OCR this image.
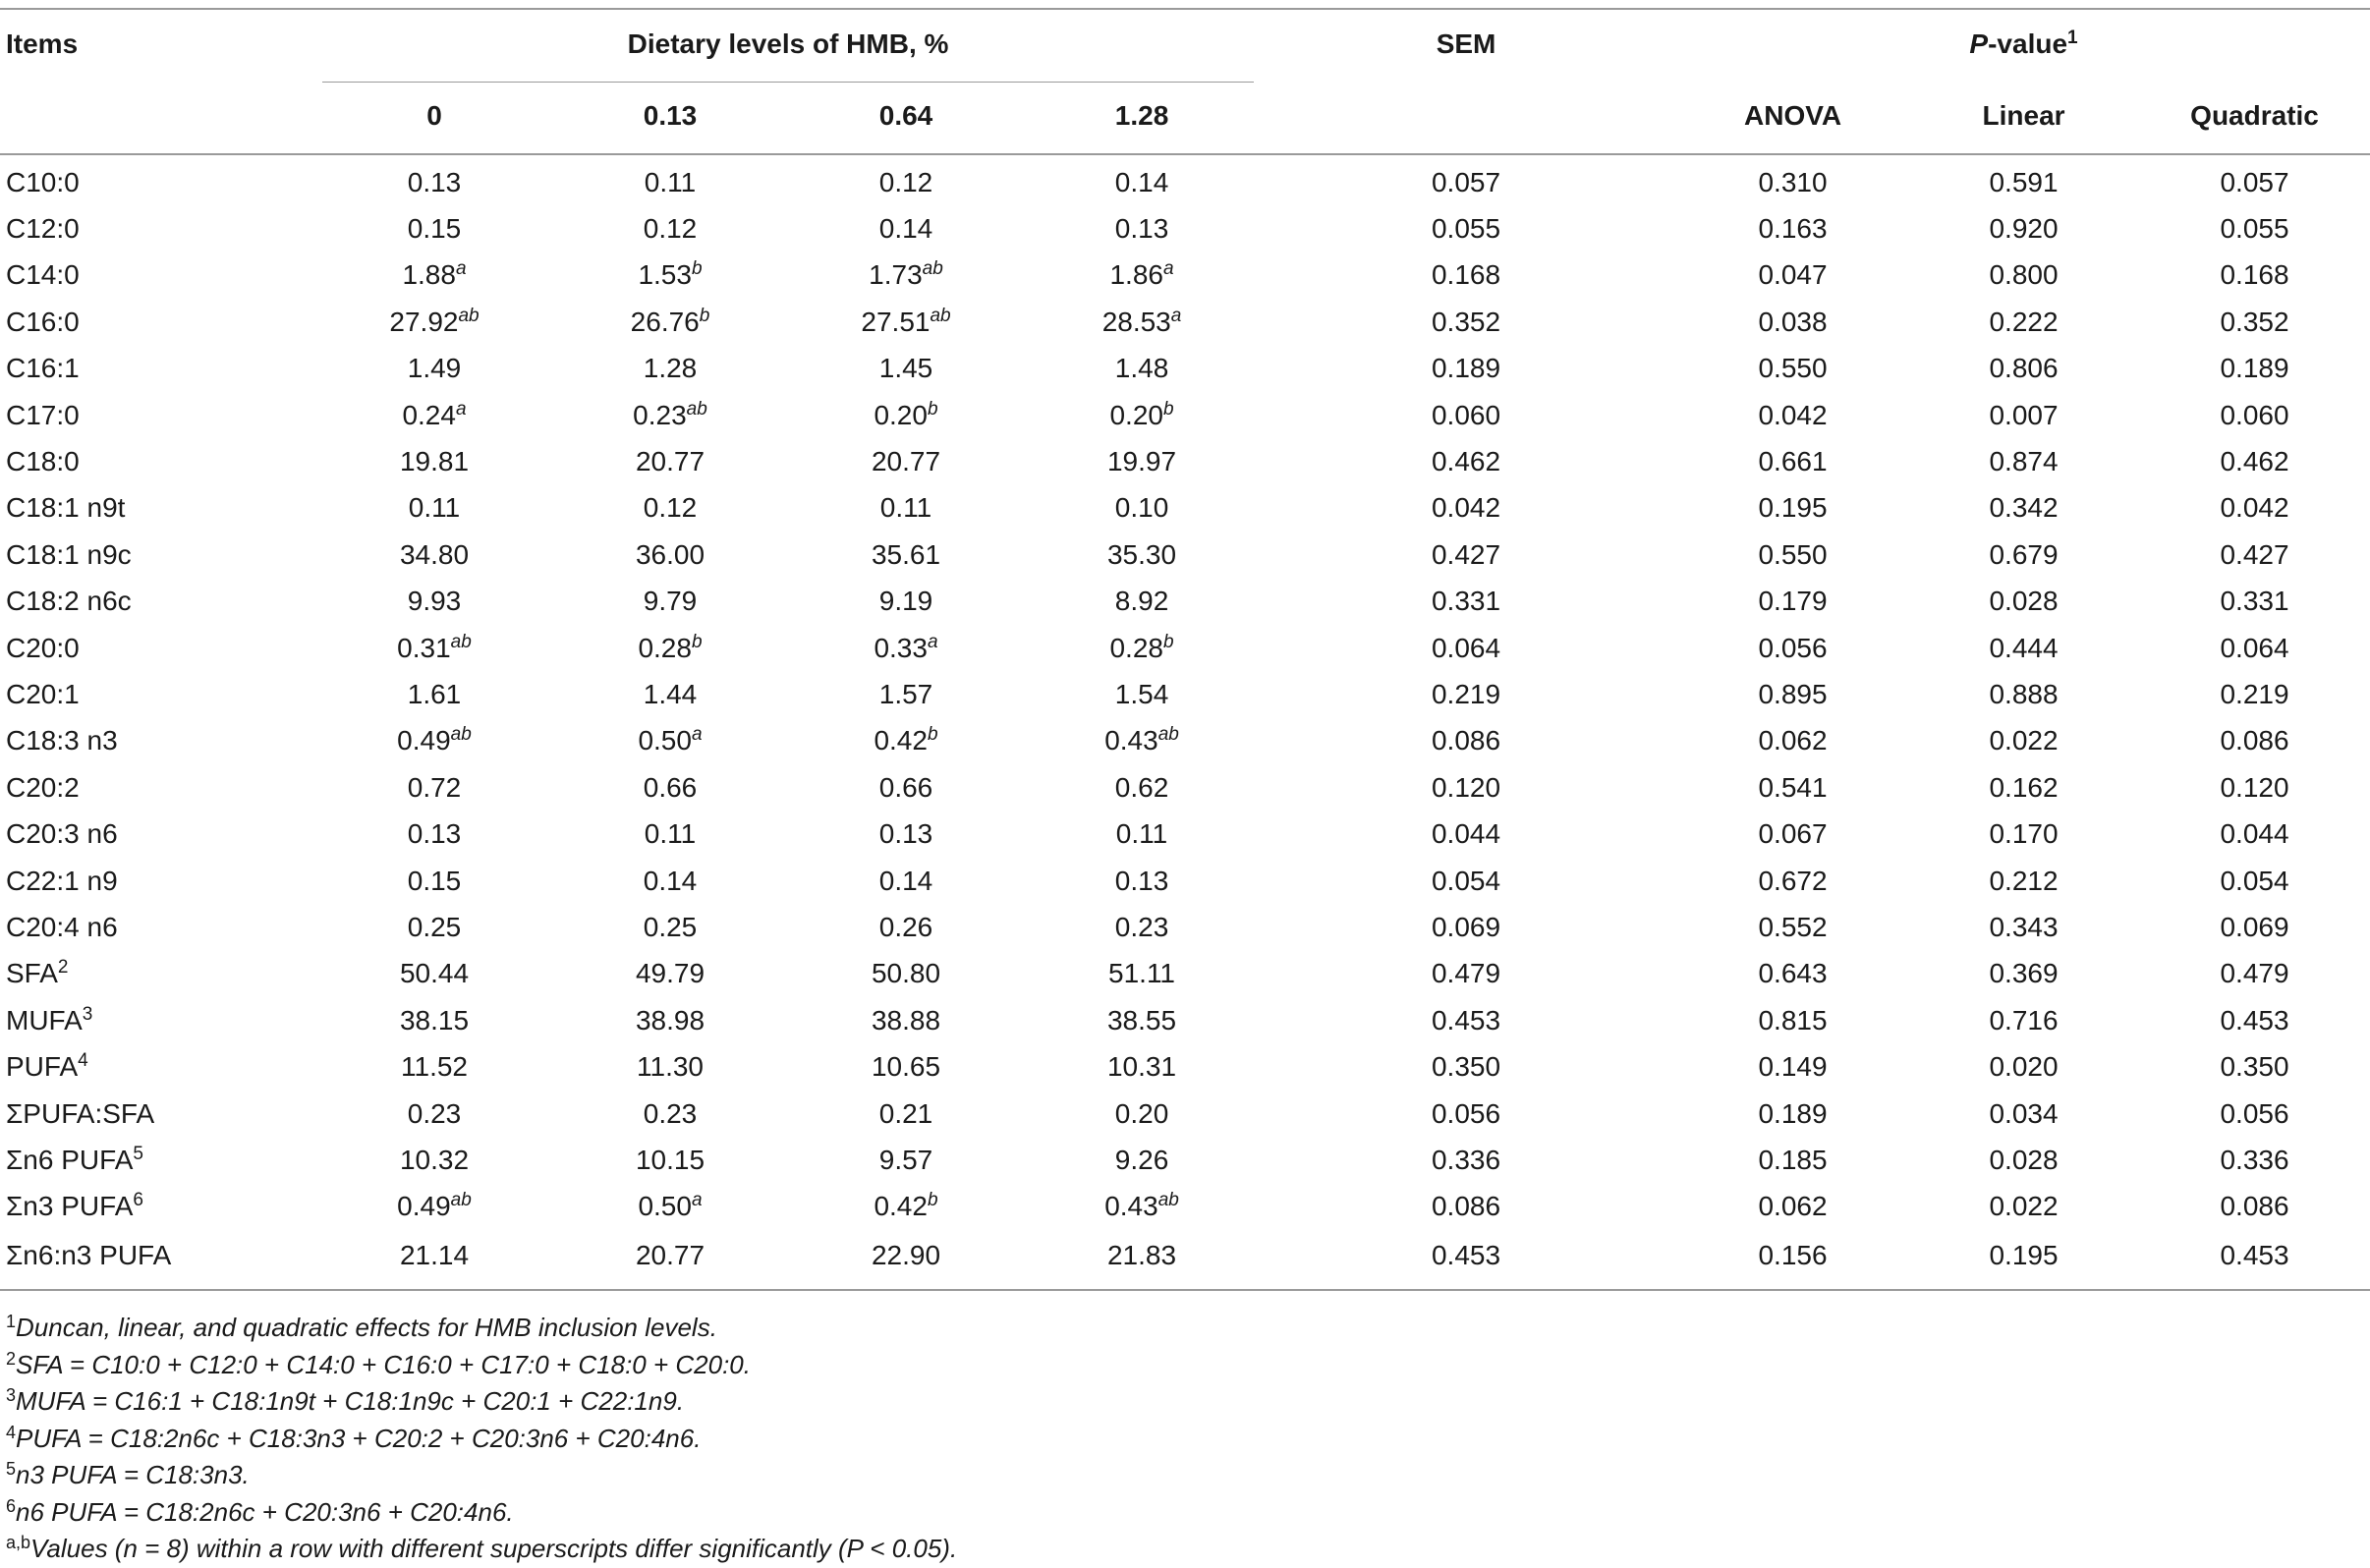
Items	Dietary levels of HMB, %					SEM		P-value$^1$
	0	0.13	0.64	1.28				ANOVA	Linear	Quadratic
C10:0	0.13	0.11	0.12	0.14		0.057		0.310	0.591	0.057
C12:0	0.15	0.12	0.14	0.13		0.055		0.163	0.920	0.055
C14:0	1.88$^a$	1.53$^b$	1.73$^{ab}$	1.86$^a$		0.168		0.047	0.800	0.168
C16:0	27.92$^{ab}$	26.76$^b$	27.51$^{ab}$	28.53$^a$		0.352		0.038	0.222	0.352
C16:1	1.49	1.28	1.45	1.48		0.189		0.550	0.806	0.189
C17:0	0.24$^a$	0.23$^{ab}$	0.20$^b$	0.20$^b$		0.060		0.042	0.007	0.060
C18:0	19.81	20.77	20.77	19.97		0.462		0.661	0.874	0.462
C18:1 n9t	0.11	0.12	0.11	0.10		0.042		0.195	0.342	0.042
C18:1 n9c	34.80	36.00	35.61	35.30		0.427		0.550	0.679	0.427
C18:2 n6c	9.93	9.79	9.19	8.92		0.331		0.179	0.028	0.331
C20:0	0.31$^{ab}$	0.28$^b$	0.33$^a$	0.28$^b$		0.064		0.056	0.444	0.064
C20:1	1.61	1.44	1.57	1.54		0.219		0.895	0.888	0.219
C18:3 n3	0.49$^{ab}$	0.50$^a$	0.42$^b$	0.43$^{ab}$		0.086		0.062	0.022	0.086
C20:2	0.72	0.66	0.66	0.62		0.120		0.541	0.162	0.120
C20:3 n6	0.13	0.11	0.13	0.11		0.044		0.067	0.170	0.044
C22:1 n9	0.15	0.14	0.14	0.13		0.054		0.672	0.212	0.054
C20:4 n6	0.25	0.25	0.26	0.23		0.069		0.552	0.343	0.069
SFA$^2$	50.44	49.79	50.80	51.11		0.479		0.643	0.369	0.479
MUFA$^3$	38.15	38.98	38.88	38.55		0.453		0.815	0.716	0.453
PUFA$^4$	11.52	11.30	10.65	10.31		0.350		0.149	0.020	0.350
ΣPUFA:SFA	0.23	0.23	0.21	0.20		0.056		0.189	0.034	0.056
Σn6 PUFA$^5$	10.32	10.15	9.57	9.26		0.336		0.185	0.028	0.336
Σn3 PUFA$^6$	0.49$^{ab}$	0.50$^a$	0.42$^b$	0.43$^{ab}$		0.086		0.062	0.022	0.086
Σn6:n3 PUFA	21.14	20.77	22.90	21.83		0.453		0.156	0.195	0.453
$^1$Duncan, linear, and quadratic effects for HMB inclusion levels.
$^2$SFA = C10:0 + C12:0 + C14:0 + C16:0 + C17:0 + C18:0 + C20:0.
$^3$MUFA = C16:1 + C18:1n9t + C18:1n9c + C20:1 + C22:1n9.
$^4$PUFA = C18:2n6c + C18:3n3 + C20:2 + C20:3n6 + C20:4n6.
$^5$n3 PUFA = C18:3n3.
$^6$n6 PUFA = C18:2n6c + C20:3n6 + C20:4n6.
$^{a,b}$Values (n = 8) within a row with different superscripts differ significantly (P < 0.05).
